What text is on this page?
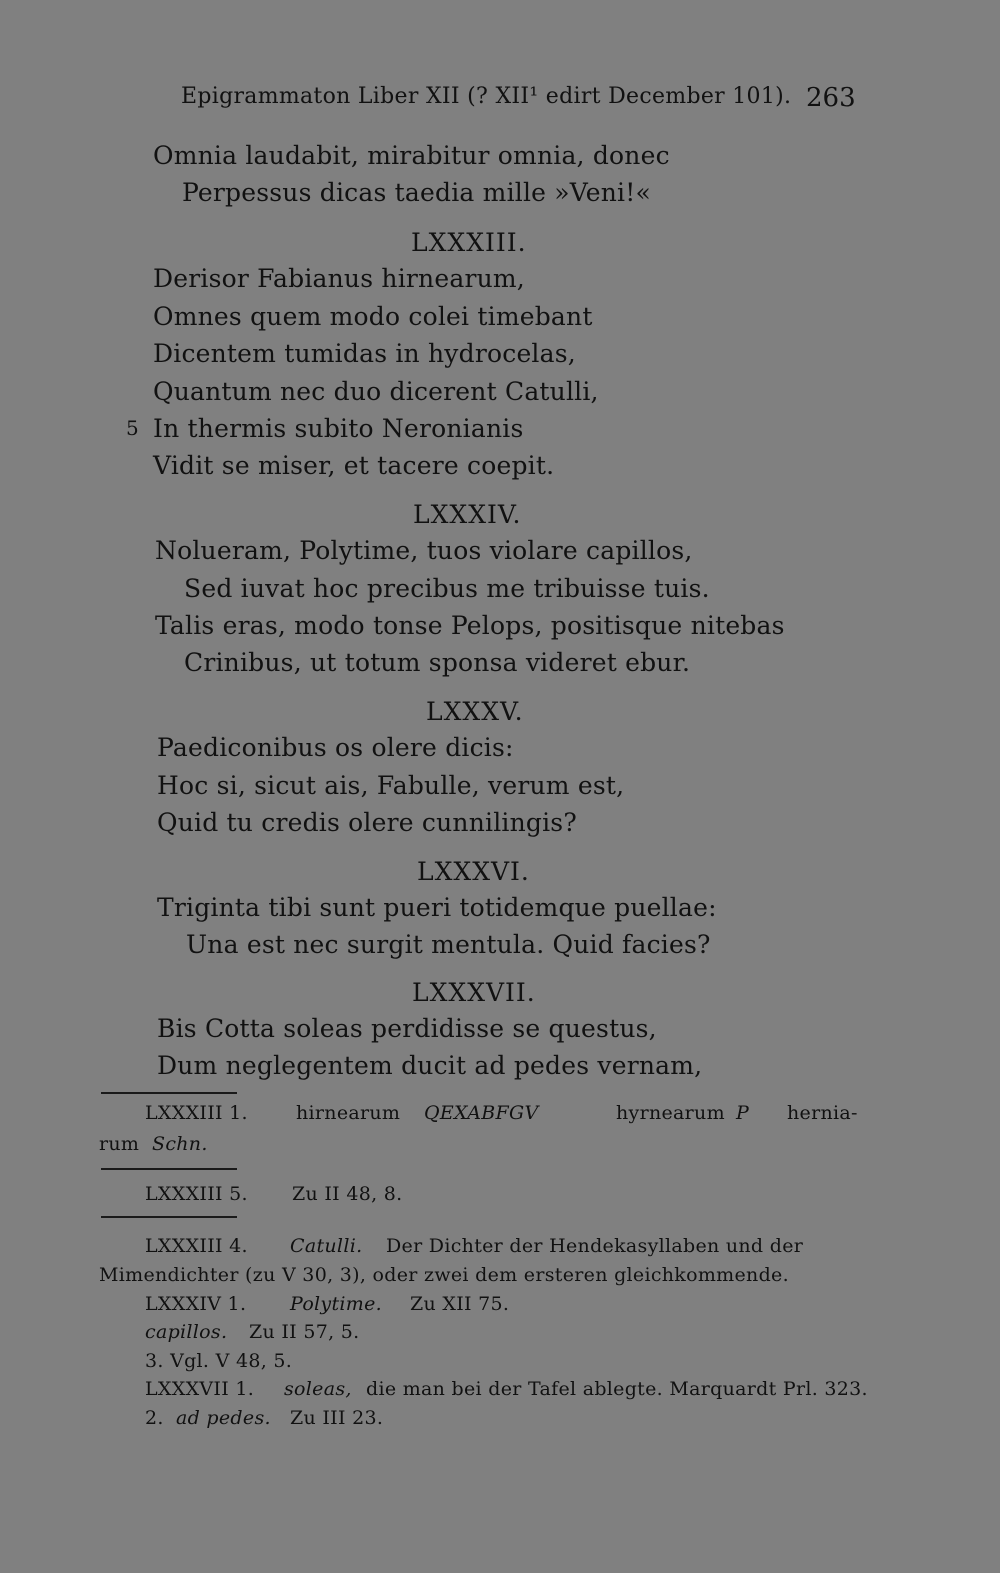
Epigrammaton Liber XII (? XII¹ edirt December 101). 263
Omnia laudabit, mirabitur omnia, donec
Perpessus dicas taedia mille »Veni!«
LXXXIII.
Derisor Fabianus hirnearum,
Omnes quem modo colei timebant
Dicentem tumidas in hydrocelas,
Quantum nec duo dicerent Catulli,
5 In thermis subito Neronianis
Vidit se miser, et tacere coepit.
LXXXIV.
Nolueram, Polytime, tuos violare capillos,
Sed iuvat hoc precibus me tribuisse tuis.
Talis eras, modo tonse Pelops, positisque nitebas
Crinibus, ut totum sponsa videret ebur.
LXXXV.
Paediconibus os olere dicis:
Hoc si, sicut ais, Fabulle, verum est,
Quid tu credis olere cunnilingis?
LXXXVI.
Triginta tibi sunt pueri totidemque puellae:
Una est nec surgit mentula. Quid facies?
LXXXVII.
Bis Cotta soleas perdidisse se questus,
Dum neglegentem ducit ad pedes vernam,
LXXXIII 1.	hirnearum QEXABFGV	hyrnearum P hernia-
rum Schn.
LXXXIII 5. Zu II 48, 8.
LXXXIII 4. Catulli. Der Dichter der Hendekasyllaben und der
Mimendichter (zu V 30, 3), oder zwei dem ersteren gleichkommende.
LXXXIV 1. Polytime. Zu XII 75.
capillos. Zu II 57, 5.
3. Vgl. V 48, 5.
LXXXVII 1. soleas, die man bei der Tafel ablegte. Marquardt Prl. 323.
2. ad pedes. Zu III 23.
